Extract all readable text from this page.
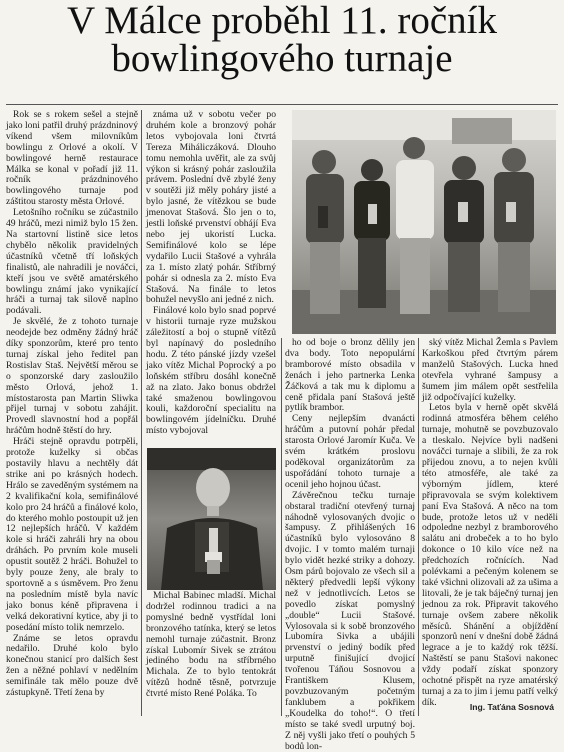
V Málce proběhl 11. ročník
bowlingového turnaje

Rok se s rokem sešel a stejně jako loni patřil druhý prázdninový víkend všem milovníkům bowlingu z Orlové a okolí. V bowlingové herně restaurace Málka se konal v pořadí již 11. ročník prázdninového bowlingového turnaje pod záštitou starosty města Orlové.

Letošního ročníku se zúčastnilo 49 hráčů, mezi nimiž bylo 15 žen. Na startovní listině sice letos chybělo několik pravidelných účastníků včetně tří loňských finalistů, ale nahradili je nováčci, kteří jsou ve světě amatérského bowlingu známí jako vynikající hráči a turnaj tak silově naplno podávali.

Je skvělé, že z tohoto turnaje neodejde bez odměny žádný hráč díky sponzorům, které pro tento turnaj získal jeho ředitel pan Rostislav Staš. Největší měrou se o sponzorské dary zasloužilo město Orlová, jehož 1. místostarosta pan Martin Sliwka přijel turnaj v sobotu zahájit. Provedl slavnostní hod a popřál hráčům hodně štěstí do hry.

Hráči stejně opravdu potrpěli, protože kuželky si občas postavily hlavu a nechtěly dát strike ani po krásných hodech. Hrálo se zaveděným systémem na 2 kvalifikační kola, semifinálové kolo pro 24 hráčů a finálové kolo, do kterého mohlo postoupit už jen 12 nejlepších hráčů. V každém kole si hráči zahráli hry na obou dráhách. Po prvním kole museli opustit soutěž 2 hráči. Bohužel to byly pouze ženy, ale braly to sportovně a s úsměvem. Pro ženu na posledním místě byla navíc jako bonus kéně připravena i velká dekorativní kytice, aby ji to posedání místo tolik nemrzelo.

Známe se letos opravdu nedařilo. Druhé kolo bylo konečnou stanicí pro dalších šest žen a něžné pohlaví v nedělním semifinále tak mělo pouze dvě zástupkyně. Třetí žena by

známa už v sobotu večer po druhém kole a bronzový pohár letos vybojovala loni čtvrtá Tereza Miháliczáková. Dlouho tomu nemohla uvěřit, ale za svůj výkon si krásný pohár zasloužila právem. Poslední dvě zbylé ženy v soutěži již měly poháry jisté a bylo jasné, že vítězkou se bude jmenovat Stašová. Šlo jen o to, jestli loňské prvenství obhájí Eva nebo jej ukoristí Lucka. Semifinálové kolo se lépe vydařilo Lucii Stašové a vyhrála za 1. místo zlatý pohár. Stříbrný pohár si odnesla za 2. místo Eva Stašová. Na finále to letos bohužel nevyšlo ani jedné z nich.

Finálové kolo bylo snad poprvé v historii turnaje ryze mužskou záležitostí a boj o stupně vítězů byl napínavý do posledního hodu. Z této pánské jízdy vzešel jako vítěz Michal Poprocký a po loňském stříbru dosáhl konečně až na zlato. Jako bonus obdržel také smaženou bowlingovou kouli, každoroční specialitu na bowlingovém jídelníčku. Druhé místo vybojoval

Michal Babinec mladší. Michal dodržel rodinnou tradici a na pomyslné bedně vystřídal loni bronzového tatínka, který se letos nemohl turnaje zúčastnit. Bronz získal Lubomír Sivek se ztrátou jediného bodu na stříbrného Michala. Ze to bylo tentokrát vítězů hodně těsně, potvrzuje čtvrté místo René Poláka. To

ho od boje o bronz dělily jen dva body. Toto nepopulární bramborové místo obsadila v ženách i jeho partnerka Lenka Žáčková a tak mu k diplomu a ceně přidala paní Stašová ještě pytlík brambor.

Ceny nejlepším dvanácti hráčům a putovní pohár předal starosta Orlové Jaromír Kuča. Ve svém krátkém proslovu poděkoval organizátorům za uspořádání tohoto turnaje a ocenil jeho hojnou účast.

Závěrečnou tečku turnaje obstaral tradiční otevřený turnaj náhodně vylosovaných dvojic o šampusy. Z přihlášených 16 účastníků bylo vylosováno 8 dvojic. I v tomto malém turnaji bylo vidět hezké striky a dohozy. Osm párů bojovalo ze všech sil a některý předvedli lepší výkony než v jednotlivcích. Letos se povedlo získat pomyslný „double“ Lucii Stašové. Vylosovala si k sobě bronzového Lubomíra Sivka a ubájili prvenství o jediný bodík před urputně finišující dvojicí tvořenou Táňou Sosnovou a Františkem Klusem, povzbuzovaným početným fanklubem a pokřikem „Koudelka do toho!“. O třetí místo se také svedl urputný boj. Z něj vyšli jako třetí o pouhých 5 bodů lon-

ský vítěz Michal Žemla s Pavlem Karkoškou před čtvrtým párem manželů Stašových. Lucka hned otevřela vyhrané šampusy a šumem jim málem opět sestřelila již odpočívající kuželky.

Letos byla v herně opět skvělá rodinná atmosféra během celého turnaje, mohutně se povzbuzovalo a tleskalo. Nejvíce byli nadšeni nováčci turnaje a slibili, že za rok přijedou znovu, a to nejen kvůli této atmosféře, ale také za výborným jídlem, které připravovala se svým kolektivem paní Eva Stašová. A něco na tom bude, protože letos už v neděli odpoledne nezbyl z bramborového salátu ani drobeček a to ho bylo dokonce o 10 kilo více než na předchozích ročnících. Nad polévkami a pečeným kolenem se také všichni olizovali až za ušima a litovali, že je tak báječný turnaj jen jednou za rok. Připravit takového turnaje ovšem zabere několik měsíců. Shánění a objíždění sponzorů není v dnešní době žádná legrace a je to každý rok těžší. Naštěstí se panu Stašovi nakonec vždy podaří získat sponzory ochotné přispět na ryze amatérský turnaj a za to jim i jemu patří velký dík.	Ing. Taťána Sosnová
